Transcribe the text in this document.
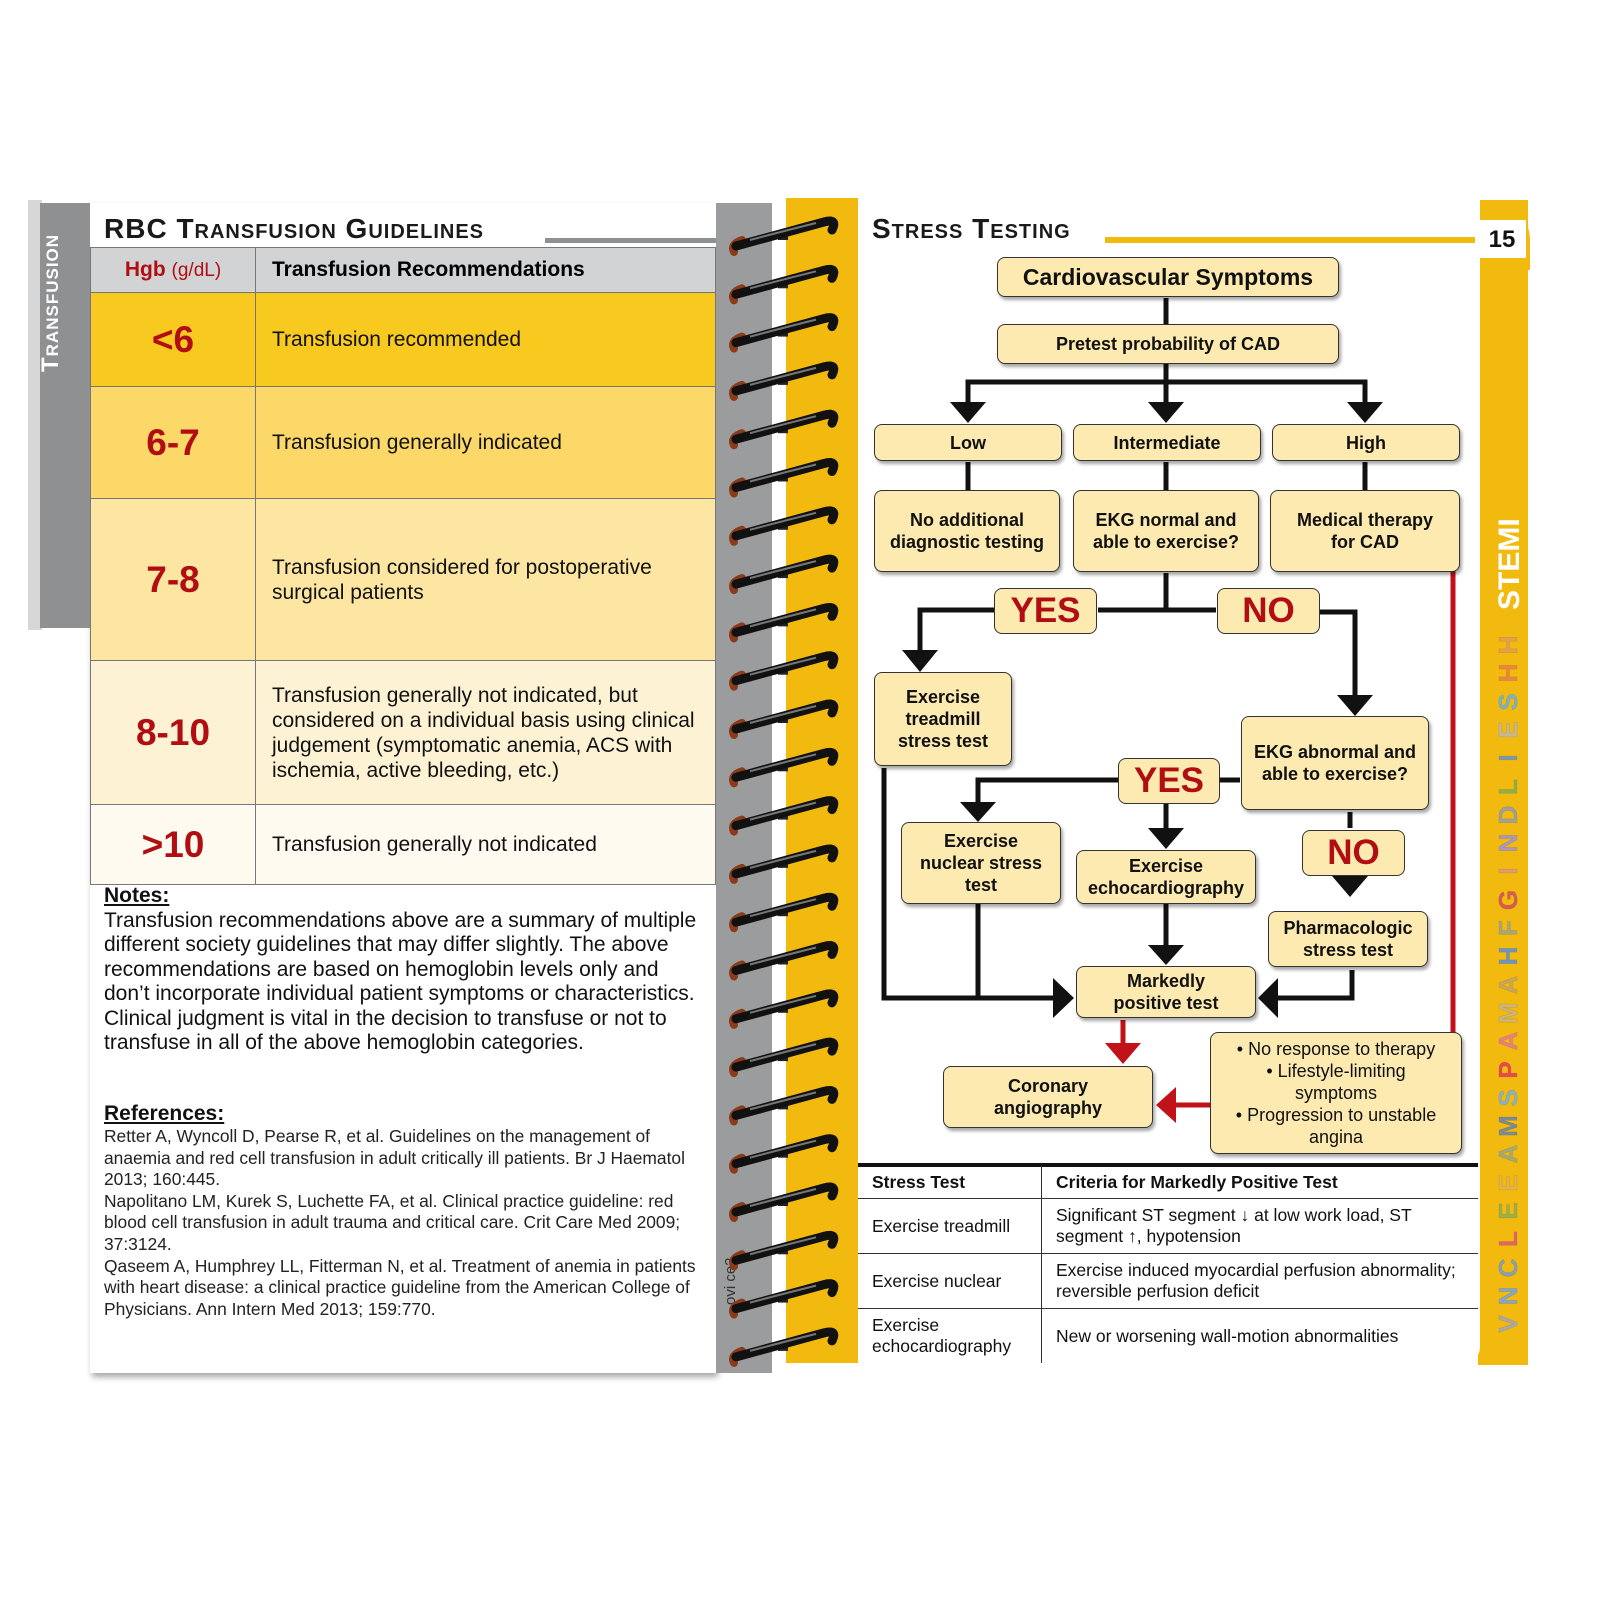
RBC Transfusion Guidelines
Hgb (g/dL)	Transfusion Recommendations
<6	Transfusion recommended
6-7	Transfusion generally indicated
7-8	Transfusion considered for postoperative surgical patients
8-10	Transfusion generally not indicated, but considered on a individual basis using clinical judgement (symptomatic anemia, ACS with ischemia, active bleeding, etc.)
>10	Transfusion generally not indicated
Notes:
Transfusion recommendations above are a summary of multiple different society guidelines that may differ slightly. The above recommendations are based on hemoglobin levels only and don’t incorporate individual patient symptoms or characteristics. Clinical judgment is vital in the decision to transfuse or not to transfuse in all of the above hemoglobin categories.
References:
Retter A, Wyncoll D, Pearse R, et al. Guidelines on the management of anaemia and red cell transfusion in adult critically ill patients. Br J Haematol 2013; 160:445.
Napolitano LM, Kurek S, Luchette FA, et al. Clinical practice guideline: red blood cell transfusion in adult trauma and critical care. Crit Care Med 2009; 37:3124.
Qaseem A, Humphrey LL, Fitterman N, et al. Treatment of anemia in patients with heart disease: a clinical practice guideline from the American College of Physicians. Ann Intern Med 2013; 159:770.
15
ovi ce2
Stress Testing
Cardiovascular Symptoms
Pretest probability of CAD
Low	Intermediate	High
No additional diagnostic testing
EKG normal and able to exercise?
Medical therapy for CAD
YES	NO
Exercise treadmill stress test
EKG abnormal and able to exercise?
YES
NO
Exercise nuclear stress test
Exercise echocardiography
Pharmacologic stress test
Markedly positive test
Coronary angiography
• No response to therapy
• Lifestyle-limiting symptoms
• Progression to unstable angina
Stress Test	Criteria for Markedly Positive Test
Exercise treadmill	Significant ST segment ↓ at low work load, ST segment ↑, hypotension
Exercise nuclear	Exercise induced myocardial perfusion abnormality; reversible perfusion deficit
Exercise echocardiography	New or worsening wall-motion abnormalities
STEMI
H
H
S
E
I
L
D
N
I
G
F
H
A
M
A
P
S
M
A
E
E
L
C
N
V
